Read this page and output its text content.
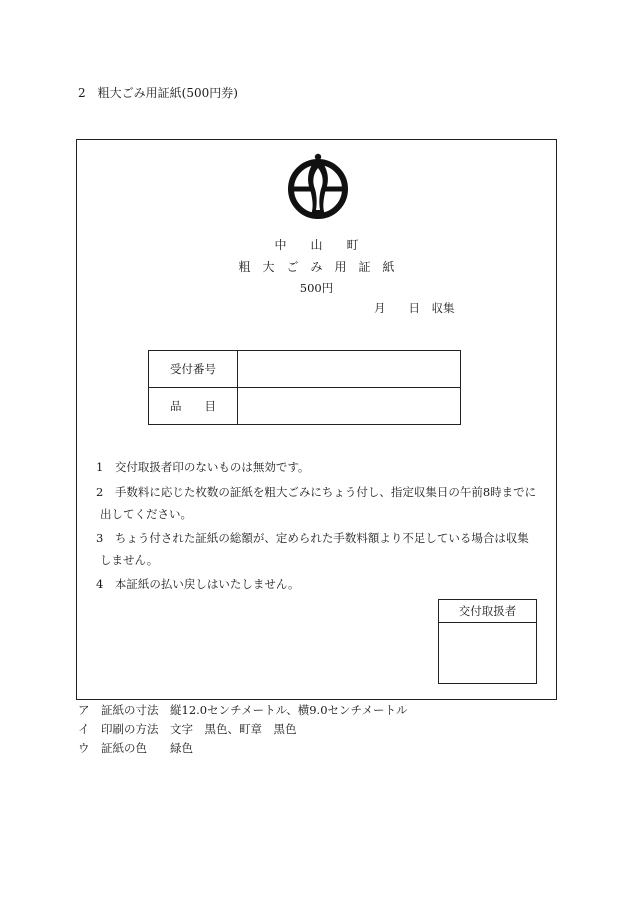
2　粗大ごみ用証紙(500円券)
中　　山　　町
粗　大　ご　み　用　証　紙
500円
月　　日　収集
受付番号	
品　　目	
1　交付取扱者印のないものは無効です。
2　手数料に応じた枚数の証紙を粗大ごみにちょう付し、指定収集日の午前8時までに
出してください。
3　ちょう付された証紙の総額が、定められた手数料額より不足している場合は収集
しません。
4　本証紙の払い戻しはいたしません。
交付取扱者
ア　証紙の寸法　縦12.0センチメートル、横9.0センチメートル
イ　印刷の方法　文字　黒色、町章　黒色
ウ　証紙の色　　緑色
